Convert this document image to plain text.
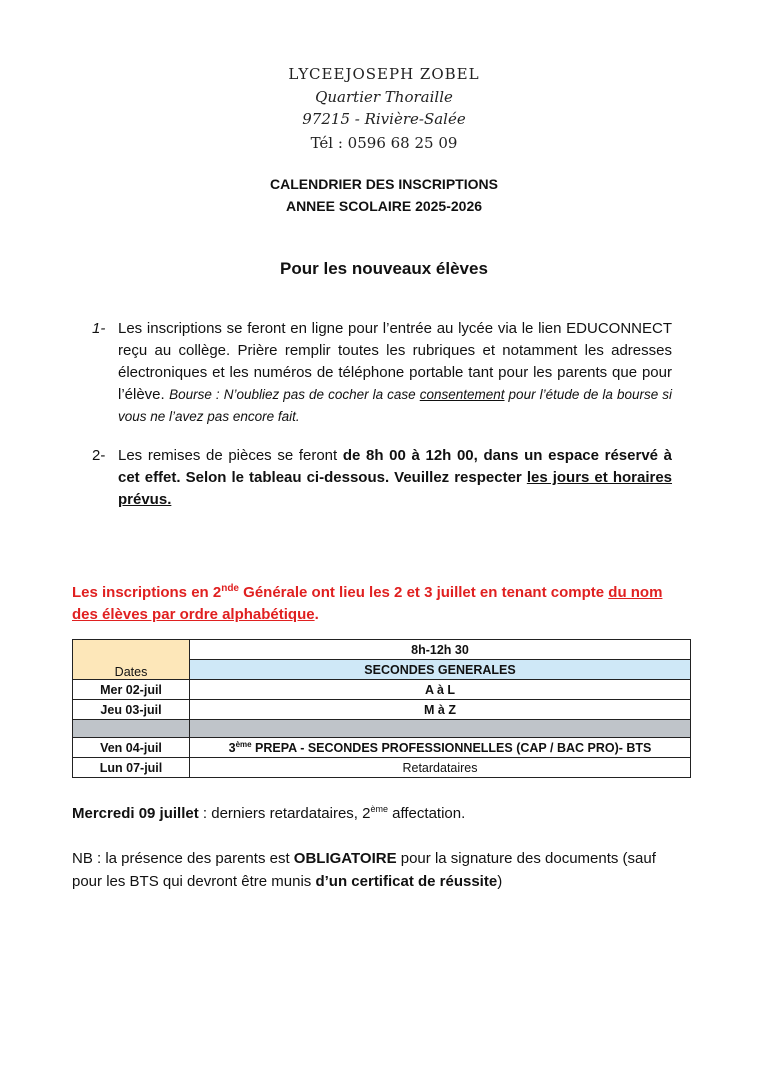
LYCEEJOSEPH ZOBEL
Quartier Thoraille
97215 - Rivière-Salée
Tél : 0596 68 25 09
CALENDRIER DES INSCRIPTIONS
ANNEE SCOLAIRE 2025-2026
Pour les nouveaux élèves
1- Les inscriptions se feront en ligne pour l’entrée au lycée via le lien EDUCONNECT reçu au collège. Prière remplir toutes les rubriques et notamment les adresses électroniques et les numéros de téléphone portable tant pour les parents que pour l’élève. Bourse : N’oubliez pas de cocher la case consentement pour l’étude de la bourse si vous ne l’avez pas encore fait.
2- Les remises de pièces se feront de 8h 00 à 12h 00, dans un espace réservé à cet effet. Selon le tableau ci-dessous. Veuillez respecter les jours et horaires prévus.
Les inscriptions en 2nde Générale ont lieu les 2 et 3 juillet en tenant compte du nom des élèves par ordre alphabétique.
Dates	8h-12h 30
	SECONDES GENERALES
Mer 02-juil	A à L
Jeu 03-juil	M à Z

Ven 04-juil	3ème PREPA - SECONDES PROFESSIONNELLES (CAP / BAC PRO)- BTS
Lun 07-juil	Retardataires
Mercredi 09 juillet : derniers retardataires, 2ème affectation.
NB : la présence des parents est OBLIGATOIRE pour la signature des documents (sauf pour les BTS qui devront être munis d’un certificat de réussite)
